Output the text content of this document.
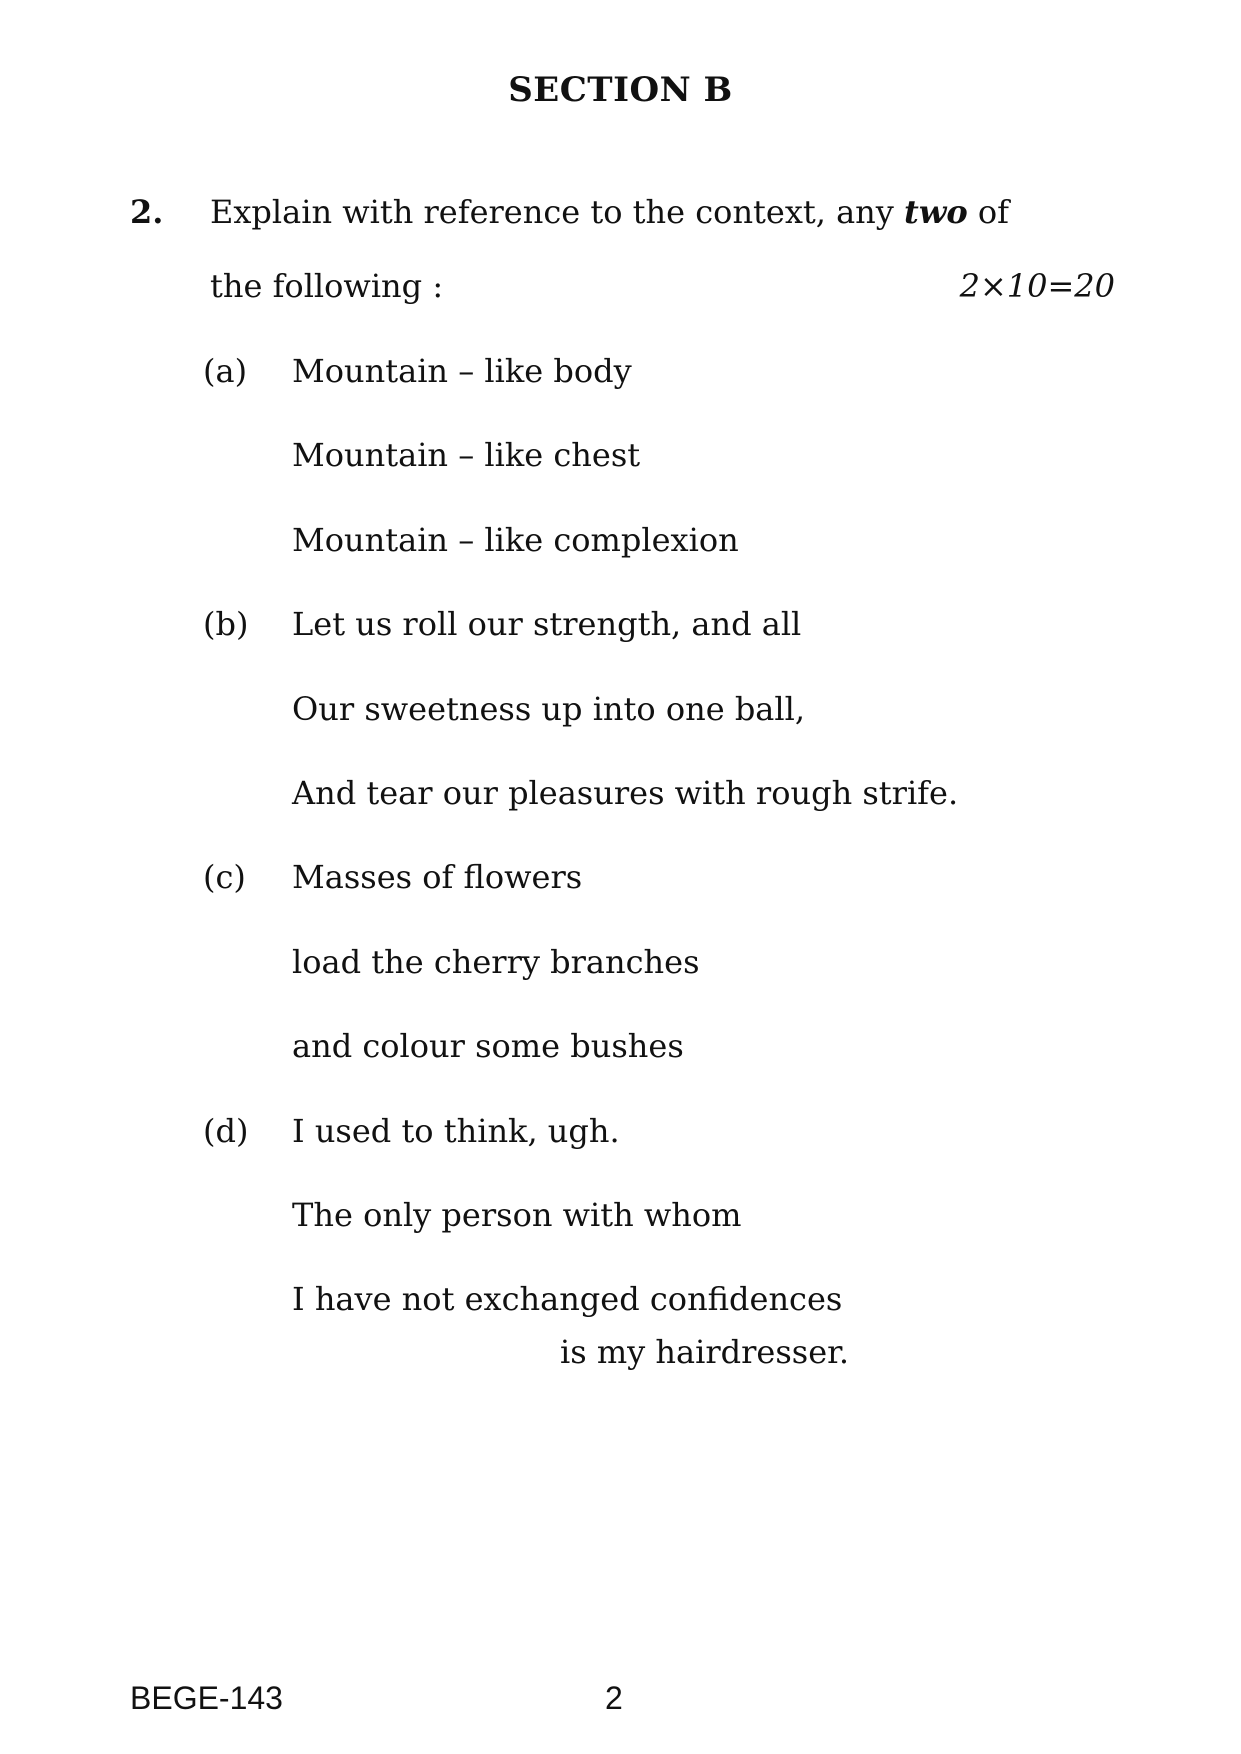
SECTION B
2. Explain with reference to the context, any two of
the following :	2×10=20
(a) Mountain – like body
Mountain – like chest
Mountain – like complexion
(b) Let us roll our strength, and all
Our sweetness up into one ball,
And tear our pleasures with rough strife.
(c) Masses of flowers
load the cherry branches
and colour some bushes
(d) I used to think, ugh.
The only person with whom
I have not exchanged confidences
is my hairdresser.
BEGE-143	2
